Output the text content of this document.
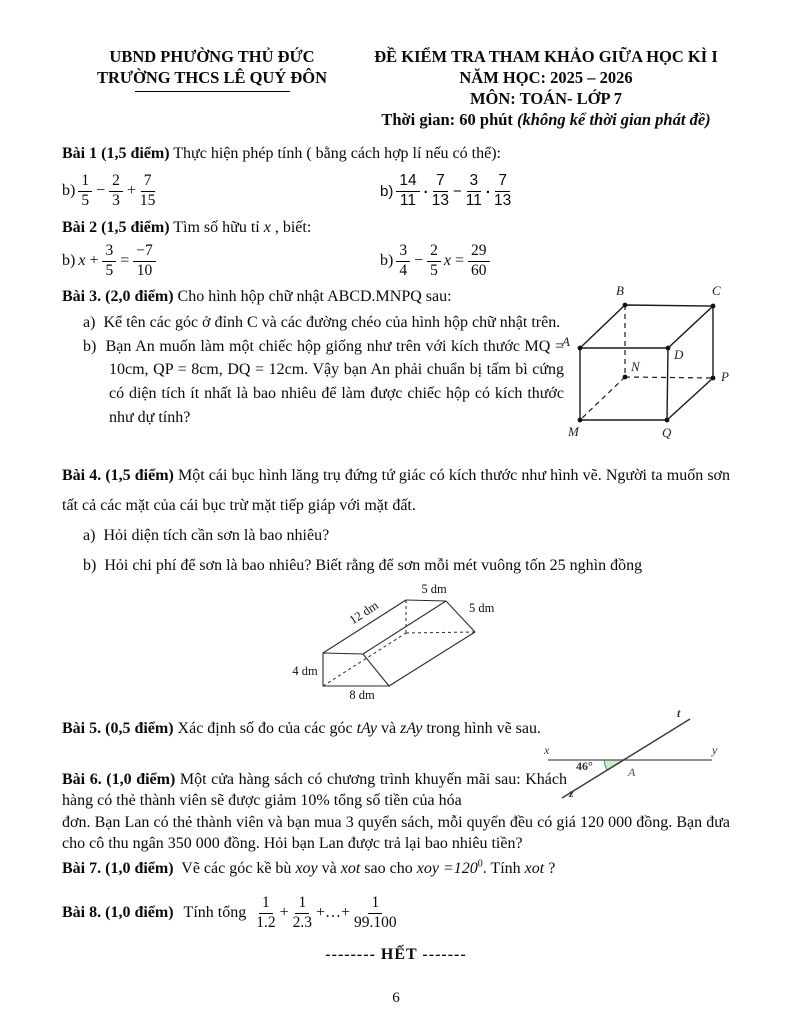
UBND PHƯỜNG THỦ ĐỨC
TRƯỜNG THCS LÊ QUÝ ĐÔN
ĐỀ KIỂM TRA THAM KHẢO GIỮA HỌC KÌ I
NĂM HỌC: 2025 – 2026
MÔN: TOÁN- LỚP 7
Thời gian: 60 phút (không kể thời gian phát đề)

Bài 1 (1,5 điểm) Thực hiện phép tính ( bằng cách hợp lí nếu có thể):

$b) \frac{1}{5} - \frac{2}{3} + \frac{7}{15}$	$b) \frac{14}{11}$ . $\frac{7}{13} - \frac{3}{11}$ . $\frac{7}{13}$

Bài 2 (1,5 điểm) Tìm số hữu tỉ x , biết:

b) $x + \frac{3}{5} = \frac{-7}{10}$	$b) \frac{3}{4} - \frac{2}{5}$ $x = \frac{29}{60}$

Bài 3. (2,0 điểm) Cho hình hộp chữ nhật ABCD.MNPQ sau:

a) Kể tên các góc ở đỉnh C và các đường chéo của hình hộp chữ nhật trên.

b) Bạn An muốn làm một chiếc hộp giống như trên với kích thước MQ = 10cm, QP = 8cm, DQ = 12cm. Vậy bạn An phải chuẩn bị tấm bì cứng có diện tích ít nhất là bao nhiêu để làm được chiếc hộp có kích thước như dự tính?

A
B	C
D
M
N
P
Q

Bài 4. (1,5 điểm) Một cái bục hình lăng trụ đứng tứ giác có kích thước như hình vẽ. Người ta muốn sơn tất cả các mặt của cái bục trừ mặt tiếp giáp với mặt đất.

a) Hỏi diện tích cần sơn là bao nhiêu?

b) Hỏi chi phí để sơn là bao nhiêu? Biết rằng để sơn mỗi mét vuông tốn 25 nghìn đồng

12 dm
5 dm
5 dm
4 dm
8 dm

Bài 5. (0,5 điểm) Xác định số đo của các góc tAy và zAy trong hình vẽ sau.

x	y
t
z
A
46°

Bài 6. (1,0 điểm) Một cửa hàng sách có chương trình khuyến mãi sau: Khách hàng có thẻ thành viên sẽ được giảm 10% tổng số tiền của hóa

đơn. Bạn Lan có thẻ thành viên và bạn mua 3 quyển sách, mỗi quyển đều có giá 120 000 đồng. Bạn đưa cho cô thu ngân 350 000 đồng. Hỏi bạn Lan được trả lại bao nhiêu tiền?

Bài 7. (1,0 điểm) Vẽ các góc kề bù xoy và xot sao cho xoy $=120^0$. Tính xot ?

Bài 8. (1,0 điểm)
Tính tổng
$\frac{1}{1.2} + \frac{1}{2.3}$ +…+ $\frac{1}{99.100}$
-------- HẾT -------
6
